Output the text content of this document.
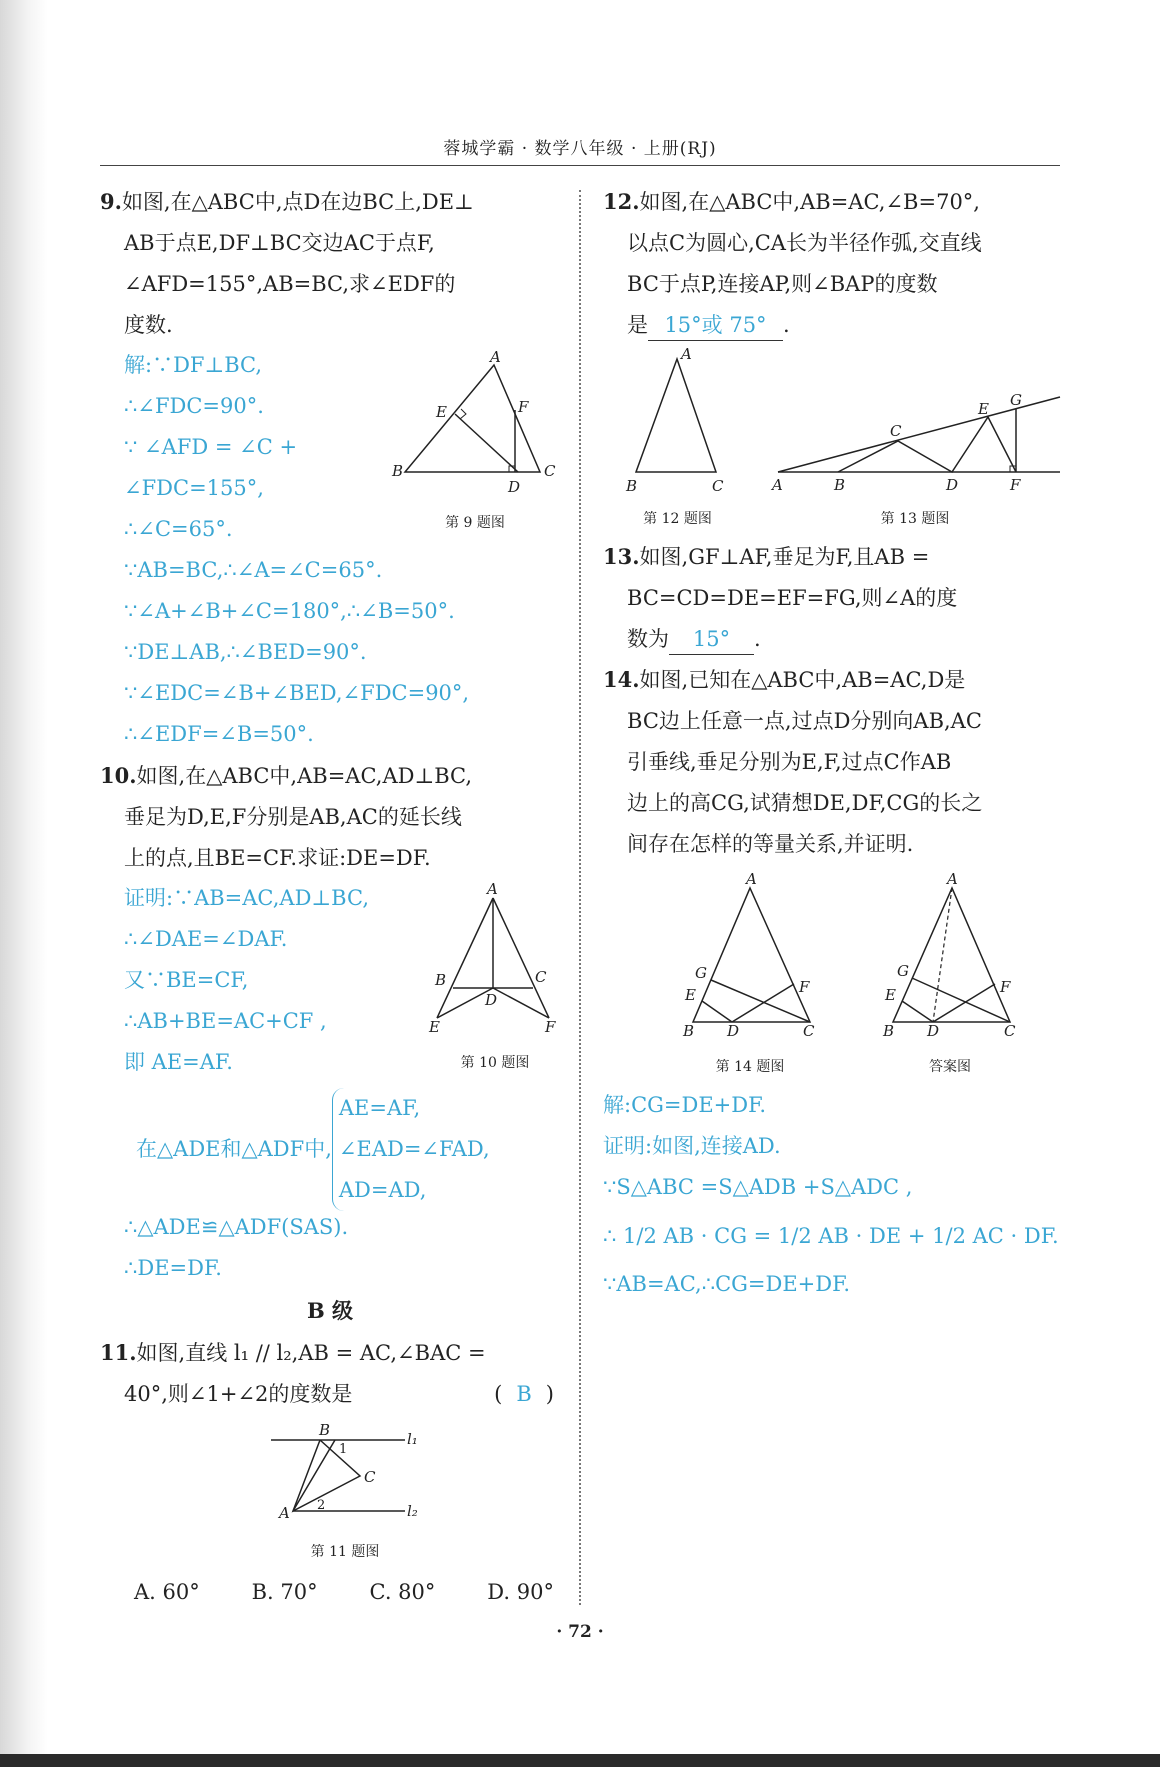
蓉城学霸 · 数学八年级 · 上册(RJ)

9.如图,在△ABC中,点D在边BC上,DE⊥

AB于点E,DF⊥BC交边AC于点F,

∠AFD=155°,AB=BC,求∠EDF的

度数.

解:∵DF⊥BC,

∴∠FDC=90°.

∵ ∠AFD = ∠C +

∠FDC=155°,

∴∠C=65°.

∵AB=BC,∴∠A=∠C=65°.

∵∠A+∠B+∠C=180°,∴∠B=50°.

∵DE⊥AB,∴∠BED=90°.

∵∠EDC=∠B+∠BED,∠FDC=90°,

∴∠EDF=∠B=50°.

A
E	F
B
D
C
第 9 题图

10.如图,在△ABC中,AB=AC,AD⊥BC,

垂足为D,E,F分别是AB,AC的延长线

上的点,且BE=CF.求证:DE=DF.

证明:∵AB=AC,AD⊥BC,

∴∠DAE=∠DAF.

又∵BE=CF,

∴AB+BE=AC+CF ,

即 AE=AF.

A
B	C
D
E	F
第 10 题图
在△ADE和△ADF中,
AE=AF,
∠EAD=∠FAD,
AD=AD,

∴△ADE≌△ADF(SAS).

∴DE=DF.

B 级

11.如图,直线 l₁ // l₂,AB = AC,∠BAC =

40°,则∠1+∠2的度数是	( B )

B
1
l₁
C
A 2	l₂
第 11 题图
A. 60° B. 70° C. 80° D. 90°

12.如图,在△ABC中,AB=AC,∠B=70°,

以点C为圆心,CA长为半径作弧,交直线

BC于点P,连接AP,则∠BAP的度数

是 15°或 75° .

A
B	C
第 12 题图
A	B
C
D
E
F
G
第 13 题图

13.如图,GF⊥AF,垂足为F,且AB =

BC=CD=DE=EF=FG,则∠A的度

数为 15° .

14.如图,已知在△ABC中,AB=AC,D是

BC边上任意一点,过点D分别向AB,AC

引垂线,垂足分别为E,F,过点C作AB

边上的高CG,试猜想DE,DF,CG的长之

间存在怎样的等量关系,并证明.

A
G
E	F
B D	C
第 14 题图
A
G
E	F
B D	C
答案图

解:CG=DE+DF.

证明:如图,连接AD.

∵S△ABC =S△ADB +S△ADC ,

∴ 1/2 AB · CG = 1/2 AB · DE + 1/2 AC · DF.

∵AB=AC,∴CG=DE+DF.

· 72 ·
